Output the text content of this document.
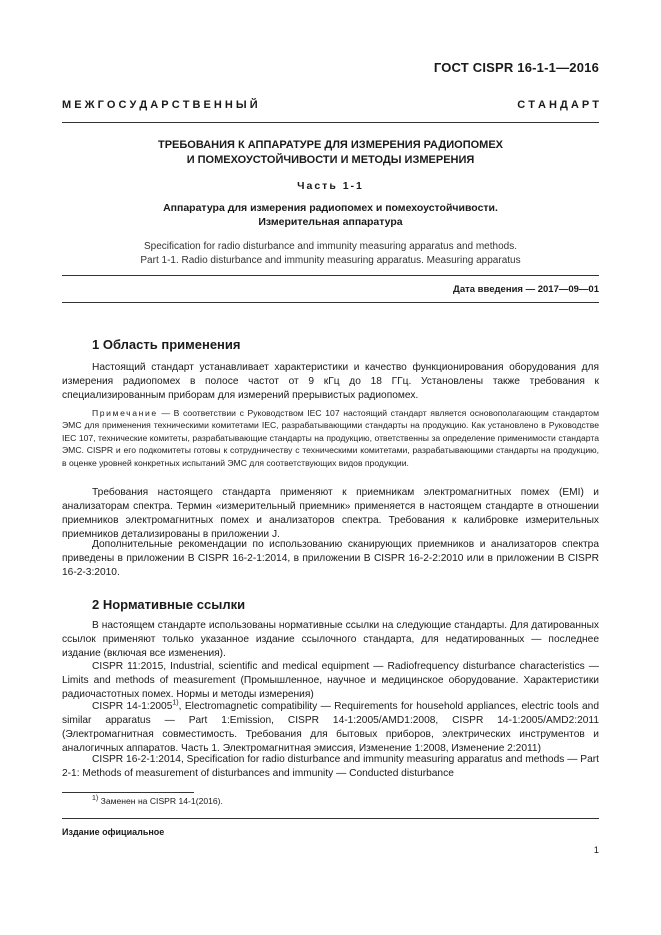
ГОСТ CISPR 16-1-1—2016
М Е Ж Г О С У Д А Р С Т В Е Н Н Ы Й	С Т А Н Д А Р Т
ТРЕБОВАНИЯ К АППАРАТУРЕ ДЛЯ ИЗМЕРЕНИЯ РАДИОПОМЕХ
И ПОМЕХОУСТОЙЧИВОСТИ И МЕТОДЫ ИЗМЕРЕНИЯ
Часть 1-1
Аппаратура для измерения радиопомех и помехоустойчивости.
Измерительная аппаратура
Specification for radio disturbance and immunity measuring apparatus and methods.
Part 1-1. Radio disturbance and immunity measuring apparatus. Measuring apparatus
Дата введения — 2017—09—01
1 Область применения

Настоящий стандарт устанавливает характеристики и качество функционирования оборудования для измерения радиопомех в полосе частот от 9 кГц до 18 ГГц. Установлены также требования к специализированным приборам для измерений прерывистых радиопомех.

Примечание — В соответствии с Руководством IEC 107 настоящий стандарт является основополагающим стандартом ЭМС для применения техническими комитетами IEC, разрабатывающими стандарты на продукцию. Как установлено в Руководстве IEC 107, технические комитеты, разрабатывающие стандарты на продукцию, ответственны за определение применимости стандарта ЭМС. CISPR и его подкомитеты готовы к сотрудничеству с техническими комитетами, разрабатывающими стандарты на продукцию, в оценке уровней конкретных испытаний ЭМС для соответствующих видов продукции.

Требования настоящего стандарта применяют к приемникам электромагнитных помех (EMI) и анализаторам спектра. Термин «измерительный приемник» применяется в настоящем стандарте в отношении приемников электромагнитных помех и анализаторов спектра. Требования к калибровке измерительных приемников детализированы в приложении J.

Дополнительные рекомендации по использованию сканирующих приемников и анализаторов спектра приведены в приложении В CISPR 16-2-1:2014, в приложении В CISPR 16-2-2:2010 или в приложении В CISPR 16-2-3:2010.

2 Нормативные ссылки

В настоящем стандарте использованы нормативные ссылки на следующие стандарты. Для датированных ссылок применяют только указанное издание ссылочного стандарта, для недатированных — последнее издание (включая все изменения).

CISPR 11:2015, Industrial, scientific and medical equipment — Radiofrequency disturbance characteristics — Limits and methods of measurement (Промышленное, научное и медицинское оборудование. Характеристики радиочастотных помех. Нормы и методы измерения)

CISPR 14-1:2005$^{1)}$, Electromagnetic compatibility — Requirements for household appliances, electric tools and similar apparatus — Part 1:Emission, CISPR 14-1:2005/AMD1:2008, CISPR 14-1:2005/AMD2:2011 (Электромагнитная совместимость. Требования для бытовых приборов, электрических инструментов и аналогичных аппаратов. Часть 1. Электромагнитная эмиссия, Изменение 1:2008, Изменение 2:2011)

CISPR 16-2-1:2014, Specification for radio disturbance and immunity measuring apparatus and methods — Part 2-1: Methods of measurement of disturbances and immunity — Conducted disturbance

$^{1)}$ Заменен на CISPR 14-1(2016).
Издание официальное
1
